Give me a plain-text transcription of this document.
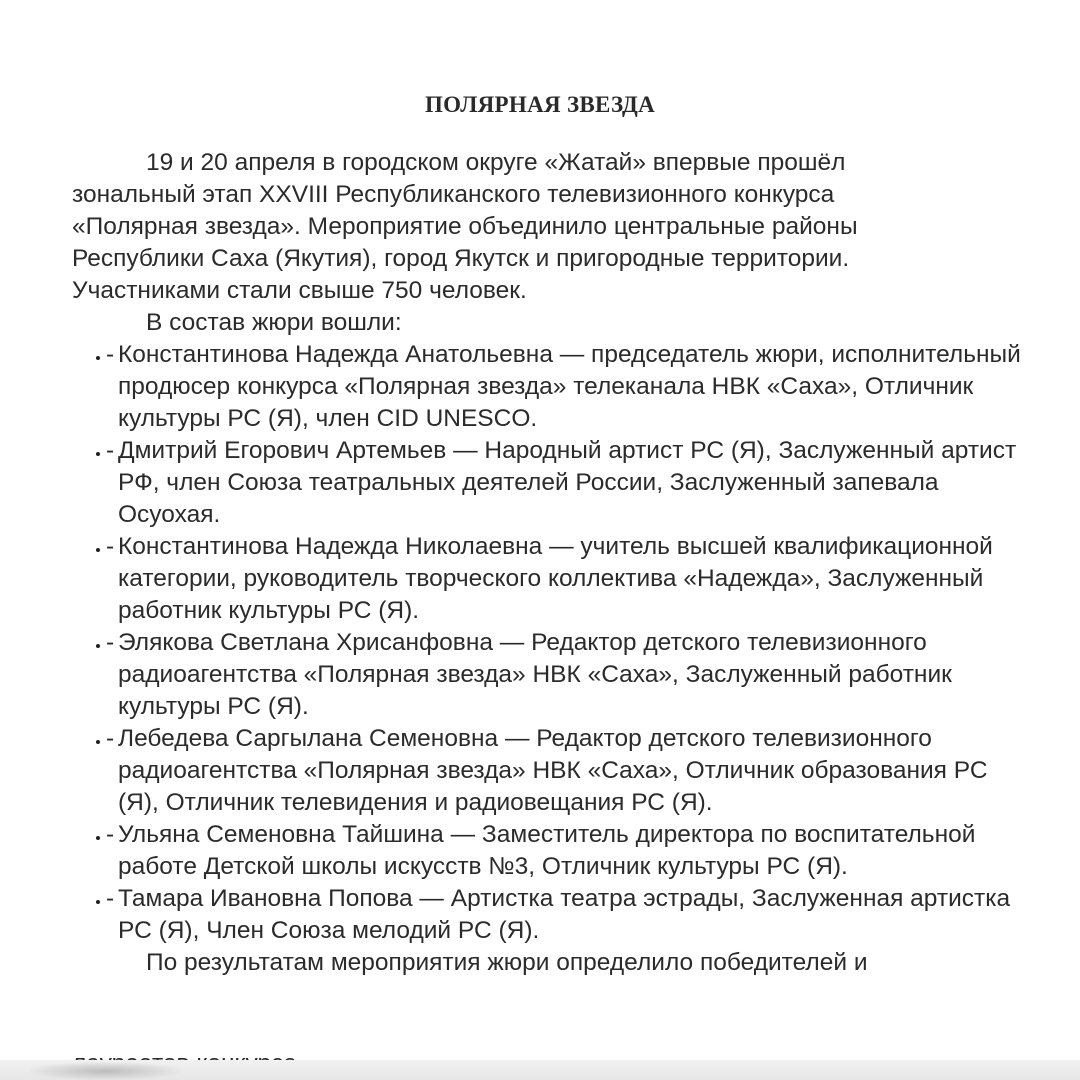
ПОЛЯРНАЯ ЗВЕЗДА

19 и 20 апреля в городском округе «Жатай» впервые прошёл зональный этап XXVIII Республиканского телевизионного конкурса «Полярная звезда». Мероприятие объединило центральные районы Республики Саха (Якутия), город Якутск и пригородные территории. Участниками стали свыше 750 человек.

В состав жюри вошли:

- Константинова Надежда Анатольевна — председатель жюри, исполнительный продюсер конкурса «Полярная звезда» телеканала НВК «Саха», Отличник культуры РС (Я), член CID UNESCO.
- Дмитрий Егорович Артемьев — Народный артист РС (Я), Заслуженный артист РФ, член Союза театральных деятелей России, Заслуженный запевала Осуохая.
- Константинова Надежда Николаевна — учитель высшей квалификационной категории, руководитель творческого коллектива «Надежда», Заслуженный работник культуры РС (Я).
- Элякова Светлана Хрисанфовна — Редактор детского телевизионного радиоагентства «Полярная звезда» НВК «Саха», Заслуженный работник культуры РС (Я).
- Лебедева Саргылана Семеновна — Редактор детского телевизионного радиоагентства «Полярная звезда» НВК «Саха», Отличник образования РС (Я), Отличник телевидения и радиовещания РС (Я).
- Ульяна Семеновна Тайшина — Заместитель директора по воспитательной работе Детской школы искусств №3, Отличник культуры РС (Я).
- Тамара Ивановна Попова — Артистка театра эстрады, Заслуженная артистка РС (Я), Член Союза мелодий РС (Я).

По результатам мероприятия жюри определило победителей и
